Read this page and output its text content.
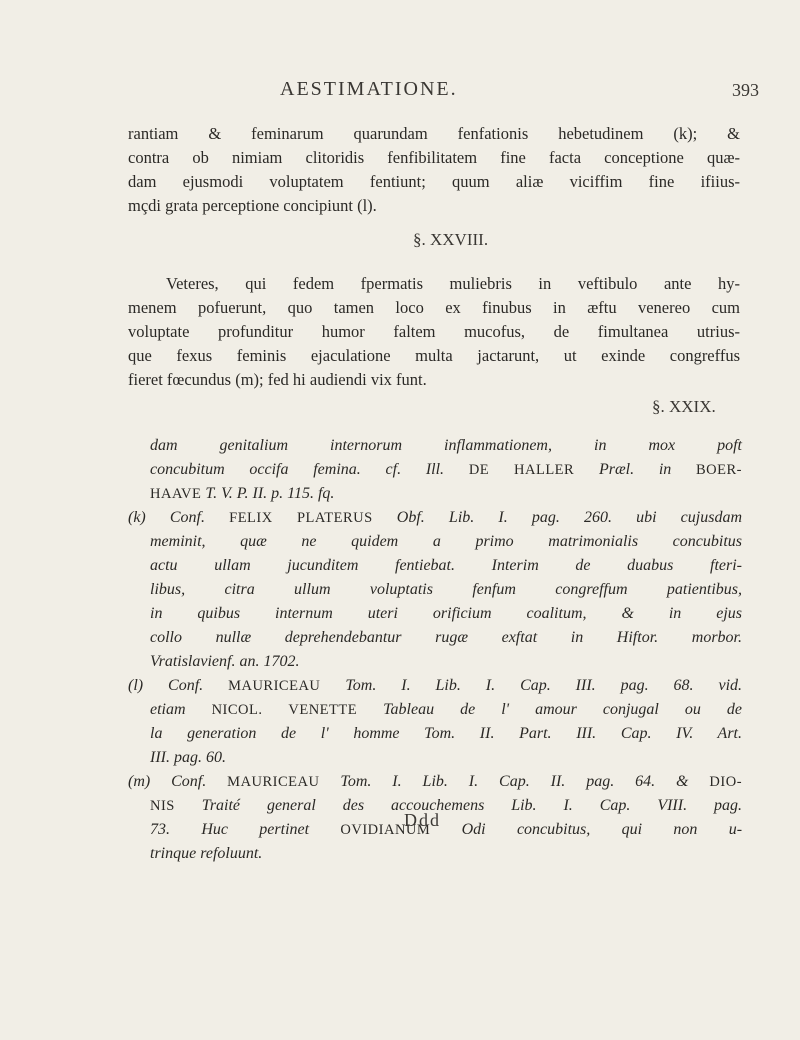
AESTIMATIONE.	393
rantiam & feminarum quarundam fenfationis hebetudinem (k); &
contra ob nimiam clitoridis fenfibilitatem fine facta conceptione quæ-
dam ejusmodi voluptatem fentiunt; quum aliæ viciffim fine ifiius-
mçdi grata perceptione concipiunt (l).
§. XXVIII.
Veteres, qui fedem fpermatis muliebris in veftibulo ante hy-
menem pofuerunt, quo tamen loco ex finubus in æftu venereo cum
voluptate profunditur humor faltem mucofus, de fimultanea utrius-
que fexus feminis ejaculatione multa jactarunt, ut exinde congreffus
fieret fœcundus (m); fed hi audiendi vix funt.
§. XXIX.
dam genitalium internorum inflammationem, in mox poft
concubitum occifa femina. cf. Ill. DE HALLER Præl. in BOER-
HAAVE T. V. P. II. p. 115. fq.
(k) Conf. FELIX PLATERUS Obf. Lib. I. pag. 260. ubi cujusdam
meminit, quæ ne quidem a primo matrimonialis concubitus
actu ullam jucunditem fentiebat. Interim de duabus fteri-
libus, citra ullum voluptatis fenfum congreffum patientibus,
in quibus internum uteri orificium coalitum, & in ejus
collo nullæ deprehendebantur rugæ exftat in Hiftor. morbor.
Vratislavienf. an. 1702.
(l) Conf. MAURICEAU Tom. I. Lib. I. Cap. III. pag. 68. vid.
etiam NICOL. VENETTE Tableau de l' amour conjugal ou de
la generation de l' homme Tom. II. Part. III. Cap. IV. Art.
III. pag. 60.
(m) Conf. MAURICEAU Tom. I. Lib. I. Cap. II. pag. 64. & DIO-
NIS Traité general des accouchemens Lib. I. Cap. VIII. pag.
73. Huc pertinet OVIDIANUM Odi concubitus, qui non u-
trinque refoluunt.
Ddd
